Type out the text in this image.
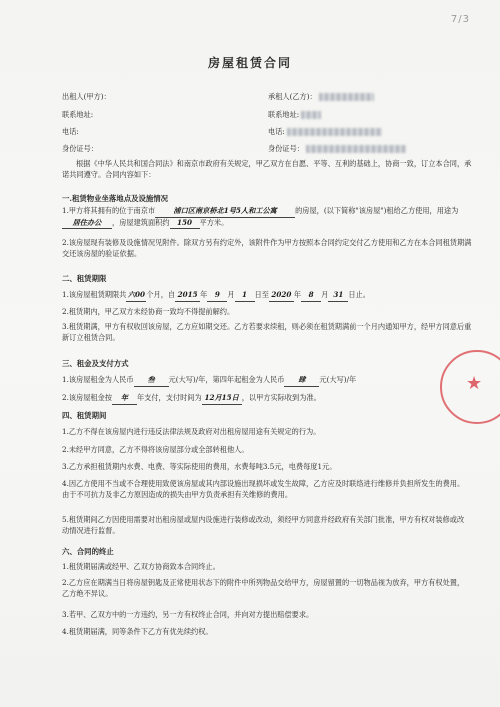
7/3
房屋租赁合同
出租人(甲方)：	承租人(乙方)：
联系地址:	联系地址:
电话:	电话:
身份证号：	身份证号：
根据《中华人民共和国合同法》和南京市政府有关规定，甲乙双方在自愿、平等、互利的基础上，协商一致，订立本合同，承诺共同遵守。合同内容如下：
一.租赁物业坐落地点及设施情况
1.甲方将其拥有的位于南京市	浦口区南京桥北1号5人和工公寓	的房屋，(以下简称"该房屋")租给乙方使用，用途为居住办公 ，房屋建筑面积约 150 平方米。
2.该房屋现有装修及设施情况见附件。除双方另有约定外，该附件作为甲方按照本合同约定交付乙方使用和乙方在本合同租赁期满交还该房屋的验证依据。
二、租赁期限
1.该房屋租赁期限共六00个月，自 2015 年 9 月 1 日至 2020 年 8 月 31 日止。
2.租赁期内，甲乙双方未经协商一致均不得提前解约。
3.租赁期满，甲方有权收回该房屋，乙方应如期交还。乙方若要求续租，则必须在租赁期满前一个月内通知甲方，经甲方同意后重新订立租赁合同。
三、租金及支付方式
1.该房屋租金为人民币 叁 元(大写)/年，第四年起租金为人民币 肆 元(大写)/年
2.该房屋租金按 年 年支付，支付时间为 12月15日 ，以甲方实际收到为准。
四、租赁期间
1.乙方不得在该房屋内进行违反法律法规及政府对出租房屋用途有关规定的行为。
2.未经甲方同意，乙方不得将该房屋部分或全部转租他人。
3.乙方承担租赁期内水费、电费、等实际使用的费用，水费每吨3.5元，电费每度1元。
4.因乙方使用不当或不合理使用致使该房屋或其内部设施出现损坏或发生故障，乙方应及时联络进行维修并负担所发生的费用。由于不可抗力及非乙方原因造成的损失由甲方负责承担有关维修的费用。
5.租赁期间乙方因使用需要对出租房屋或屋内设施进行装修或改动，须经甲方同意并经政府有关部门批准，甲方有权对装修或改动情况进行监督。
六、合同的终止
1.租赁期届满或经甲、乙双方协商致本合同终止。
2.乙方应在期满当日将房屋钥匙及正常使用状态下的附件中所列物品交给甲方，房屋留置的一切物品视为放弃，甲方有权处置，乙方绝不异议。
3.若甲、乙双方中的一方违约，另一方有权终止合同，并向对方提出赔偿要求。
4.租赁期届满，同等条件下乙方有优先续约权。
★
